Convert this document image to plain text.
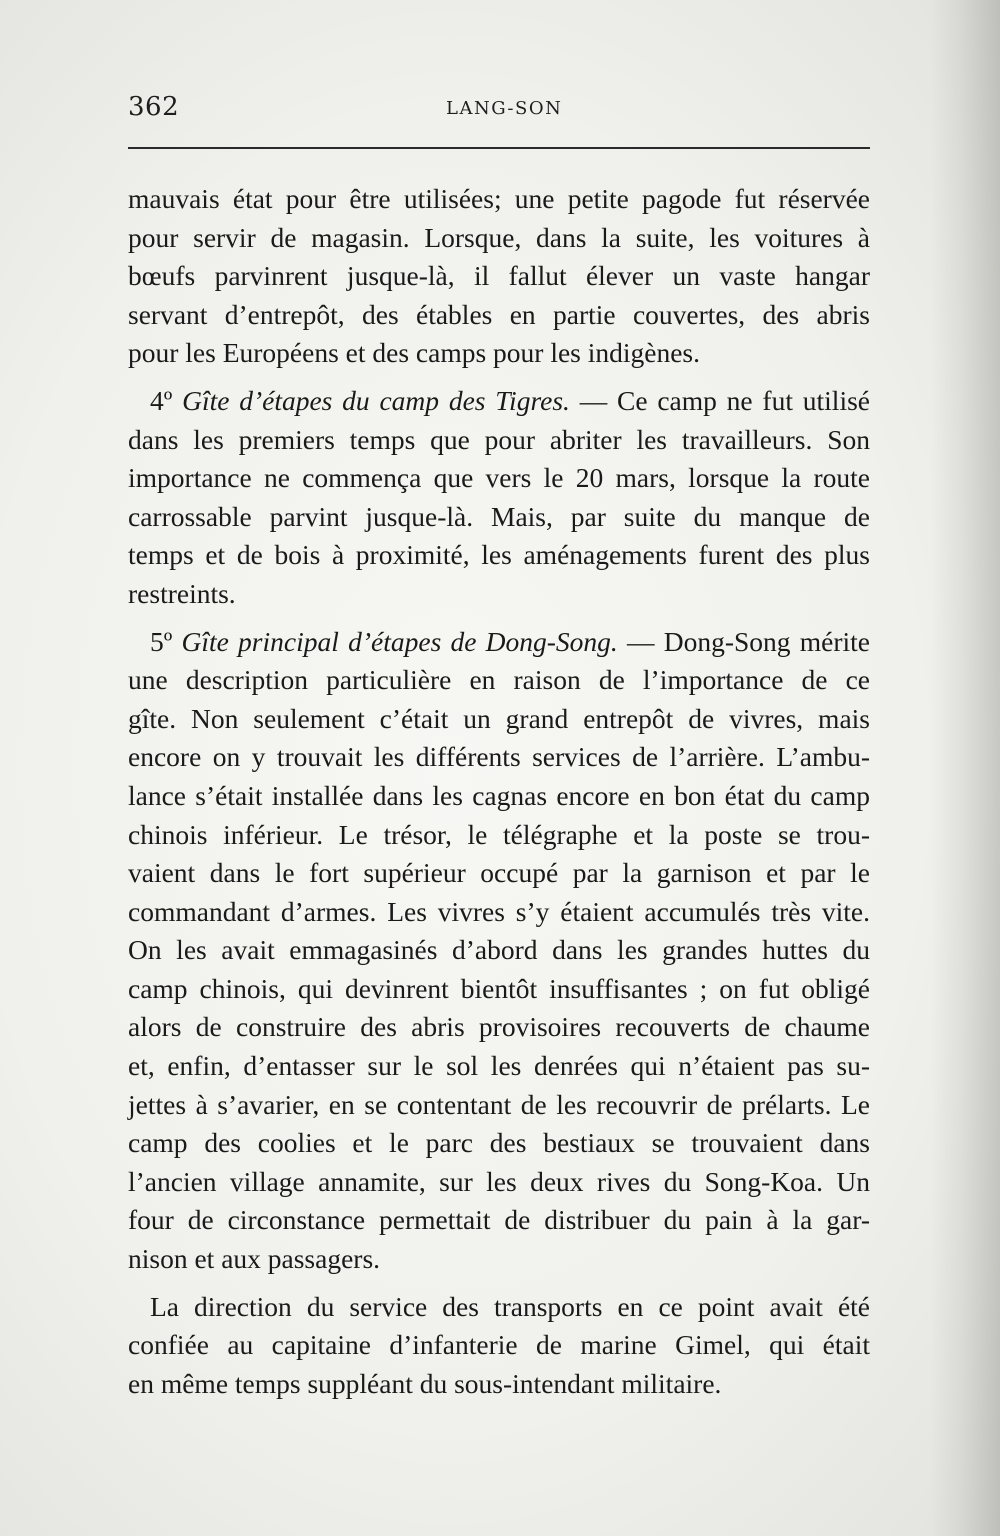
362	LANG-SON
mauvais état pour être utilisées; une petite pagode fut réservée
pour servir de magasin. Lorsque, dans la suite, les voitures à
bœufs parvinrent jusque-là, il fallut élever un vaste hangar
servant d’entrepôt, des étables en partie couvertes, des abris
pour les Européens et des camps pour les indigènes.
4º Gîte d’étapes du camp des Tigres. — Ce camp ne fut utilisé
dans les premiers temps que pour abriter les travailleurs. Son
importance ne commença que vers le 20 mars, lorsque la route
carrossable parvint jusque-là. Mais, par suite du manque de
temps et de bois à proximité, les aménagements furent des plus
restreints.
5º Gîte principal d’étapes de Dong-Song. — Dong-Song mérite
une description particulière en raison de l’importance de ce
gîte. Non seulement c’était un grand entrepôt de vivres, mais
encore on y trouvait les différents services de l’arrière. L’ambu-
lance s’était installée dans les cagnas encore en bon état du camp
chinois inférieur. Le trésor, le télégraphe et la poste se trou-
vaient dans le fort supérieur occupé par la garnison et par le
commandant d’armes. Les vivres s’y étaient accumulés très vite.
On les avait emmagasinés d’abord dans les grandes huttes du
camp chinois, qui devinrent bientôt insuffisantes ; on fut obligé
alors de construire des abris provisoires recouverts de chaume
et, enfin, d’entasser sur le sol les denrées qui n’étaient pas su-
jettes à s’avarier, en se contentant de les recouvrir de prélarts. Le
camp des coolies et le parc des bestiaux se trouvaient dans
l’ancien village annamite, sur les deux rives du Song-Koa. Un
four de circonstance permettait de distribuer du pain à la gar-
nison et aux passagers.
La direction du service des transports en ce point avait été
confiée au capitaine d’infanterie de marine Gimel, qui était
en même temps suppléant du sous-intendant militaire.
